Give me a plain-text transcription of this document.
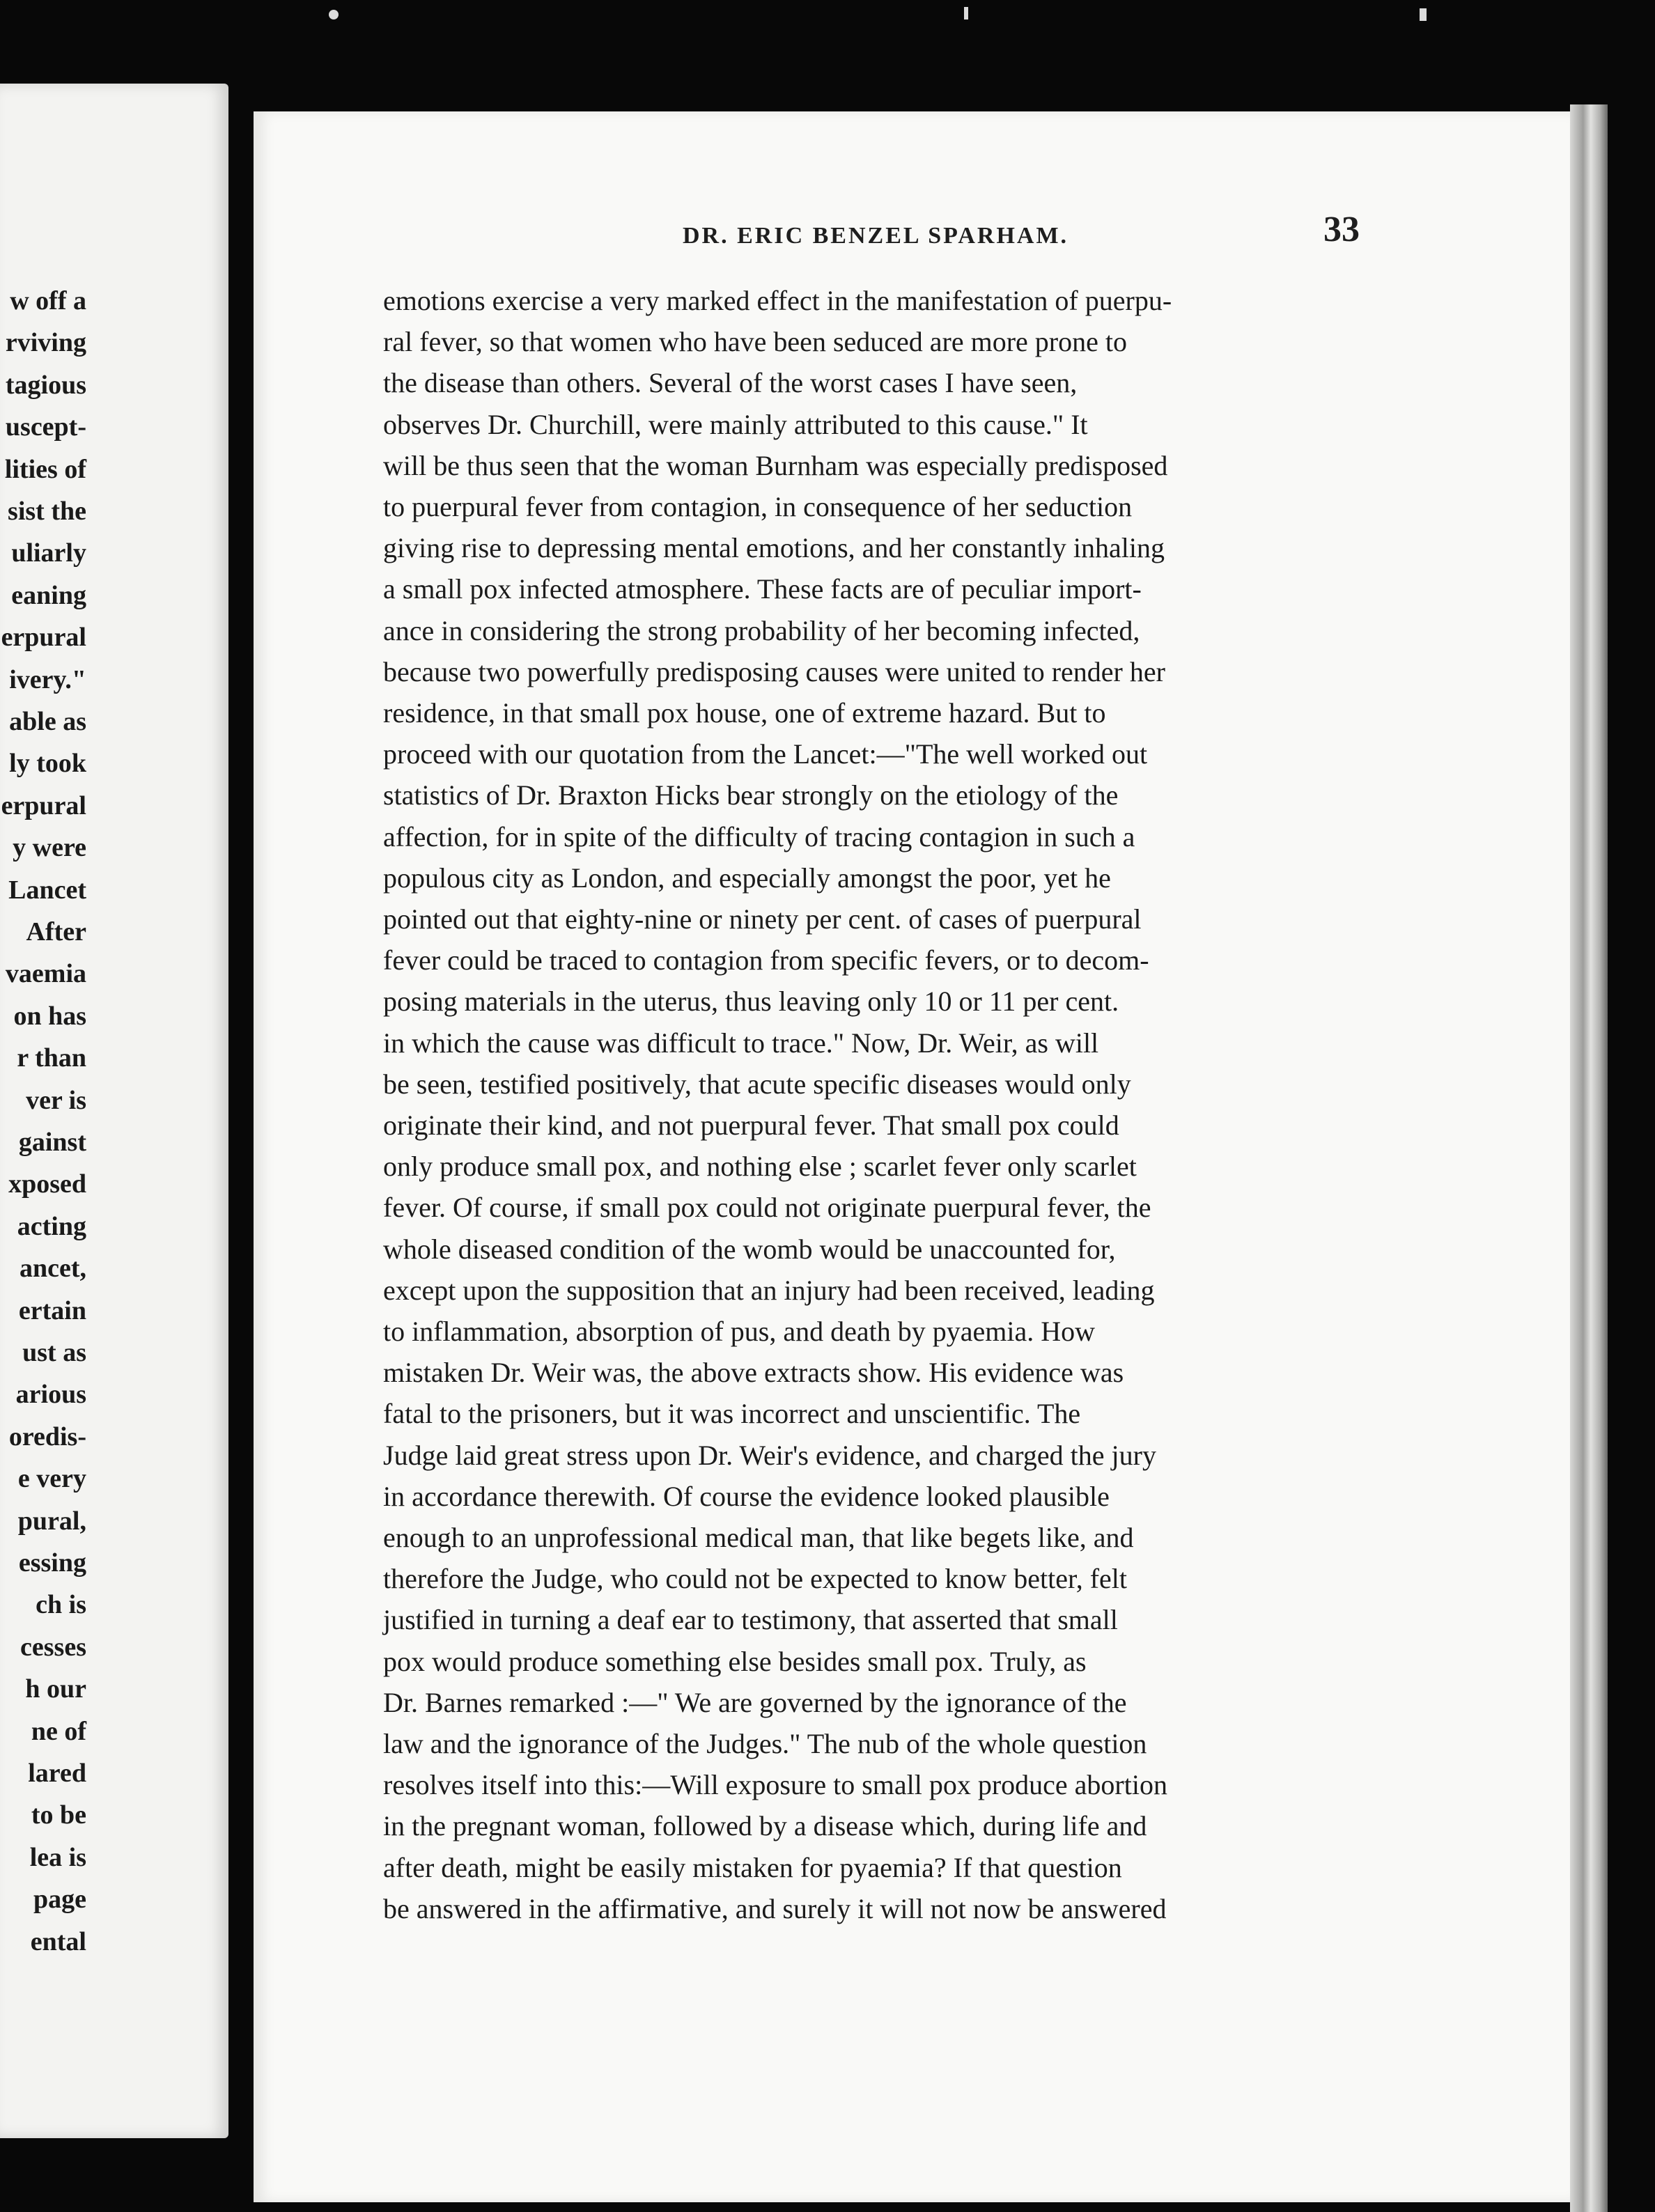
w off a
rviving
tagious
uscept-
lities of
sist the
uliarly
eaning
erpural
ivery."
able as
ly took
erpural
y were
Lancet
After
vaemia
on has
r than
ver is
gainst
xposed
acting
ancet,
ertain
ust as
arious
oredis-
e very
pural,
essing
ch is
cesses
h our
ne of
lared
to be
lea is
page
ental
DR. ERIC BENZEL SPARHAM.	33
emotions exercise a very marked effect in the manifestation of puerpu-
ral fever, so that women who have been seduced are more prone to
the disease than others. Several of the worst cases I have seen,
observes Dr. Churchill, were mainly attributed to this cause." It
will be thus seen that the woman Burnham was especially predisposed
to puerpural fever from contagion, in consequence of her seduction
giving rise to depressing mental emotions, and her constantly inhaling
a small pox infected atmosphere. These facts are of peculiar import-
ance in considering the strong probability of her becoming infected,
because two powerfully predisposing causes were united to render her
residence, in that small pox house, one of extreme hazard. But to
proceed with our quotation from the Lancet:—"The well worked out
statistics of Dr. Braxton Hicks bear strongly on the etiology of the
affection, for in spite of the difficulty of tracing contagion in such a
populous city as London, and especially amongst the poor, yet he
pointed out that eighty-nine or ninety per cent. of cases of puerpural
fever could be traced to contagion from specific fevers, or to decom-
posing materials in the uterus, thus leaving only 10 or 11 per cent.
in which the cause was difficult to trace." Now, Dr. Weir, as will
be seen, testified positively, that acute specific diseases would only
originate their kind, and not puerpural fever. That small pox could
only produce small pox, and nothing else ; scarlet fever only scarlet
fever. Of course, if small pox could not originate puerpural fever, the
whole diseased condition of the womb would be unaccounted for,
except upon the supposition that an injury had been received, leading
to inflammation, absorption of pus, and death by pyaemia. How
mistaken Dr. Weir was, the above extracts show. His evidence was
fatal to the prisoners, but it was incorrect and unscientific. The
Judge laid great stress upon Dr. Weir's evidence, and charged the jury
in accordance therewith. Of course the evidence looked plausible
enough to an unprofessional medical man, that like begets like, and
therefore the Judge, who could not be expected to know better, felt
justified in turning a deaf ear to testimony, that asserted that small
pox would produce something else besides small pox. Truly, as
Dr. Barnes remarked :—" We are governed by the ignorance of the
law and the ignorance of the Judges." The nub of the whole question
resolves itself into this:—Will exposure to small pox produce abortion
in the pregnant woman, followed by a disease which, during life and
after death, might be easily mistaken for pyaemia? If that question
be answered in the affirmative, and surely it will not now be answered
